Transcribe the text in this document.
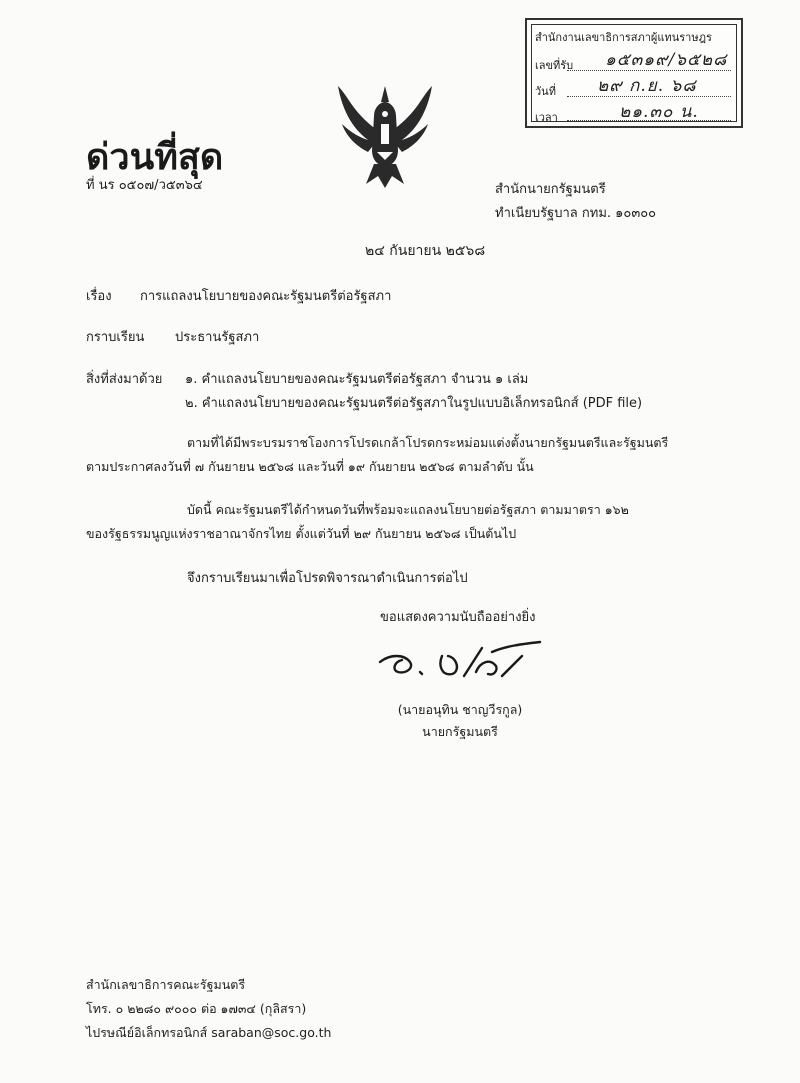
สำนักงานเลขาธิการสภาผู้แทนราษฎร
เลขที่รับ ๑๕๓๑๙/๖๕๒๘
วันที่ ๒๙ ก.ย. ๖๘
เวลา	๒๑.๓๐ น.
ด่วนที่สุด
ที่ นร ๐๕๐๗/ว๕๓๖๔	สำนักนายกรัฐมนตรี
ทำเนียบรัฐบาล กทม. ๑๐๓๐๐
๒๔ กันยายน ๒๕๖๘
เรื่อง การแถลงนโยบายของคณะรัฐมนตรีต่อรัฐสภา
กราบเรียน ประธานรัฐสภา
สิ่งที่ส่งมาด้วย ๑. คำแถลงนโยบายของคณะรัฐมนตรีต่อรัฐสภา จำนวน ๑ เล่ม
๒. คำแถลงนโยบายของคณะรัฐมนตรีต่อรัฐสภาในรูปแบบอิเล็กทรอนิกส์ (PDF file)
ตามที่ได้มีพระบรมราชโองการโปรดเกล้าโปรดกระหม่อมแต่งตั้งนายกรัฐมนตรีและรัฐมนตรี
ตามประกาศลงวันที่ ๗ กันยายน ๒๕๖๘ และวันที่ ๑๙ กันยายน ๒๕๖๘ ตามลำดับ นั้น
บัดนี้ คณะรัฐมนตรีได้กำหนดวันที่พร้อมจะแถลงนโยบายต่อรัฐสภา ตามมาตรา ๑๖๒
ของรัฐธรรมนูญแห่งราชอาณาจักรไทย ตั้งแต่วันที่ ๒๙ กันยายน ๒๕๖๘ เป็นต้นไป
จึงกราบเรียนมาเพื่อโปรดพิจารณาดำเนินการต่อไป
ขอแสดงความนับถืออย่างยิ่ง
(นายอนุทิน ชาญวีรกูล)
นายกรัฐมนตรี
สำนักเลขาธิการคณะรัฐมนตรี
โทร. ๐ ๒๒๘๐ ๙๐๐๐ ต่อ ๑๗๓๔ (กุลิสรา)
ไปรษณีย์อิเล็กทรอนิกส์ saraban@soc.go.th
